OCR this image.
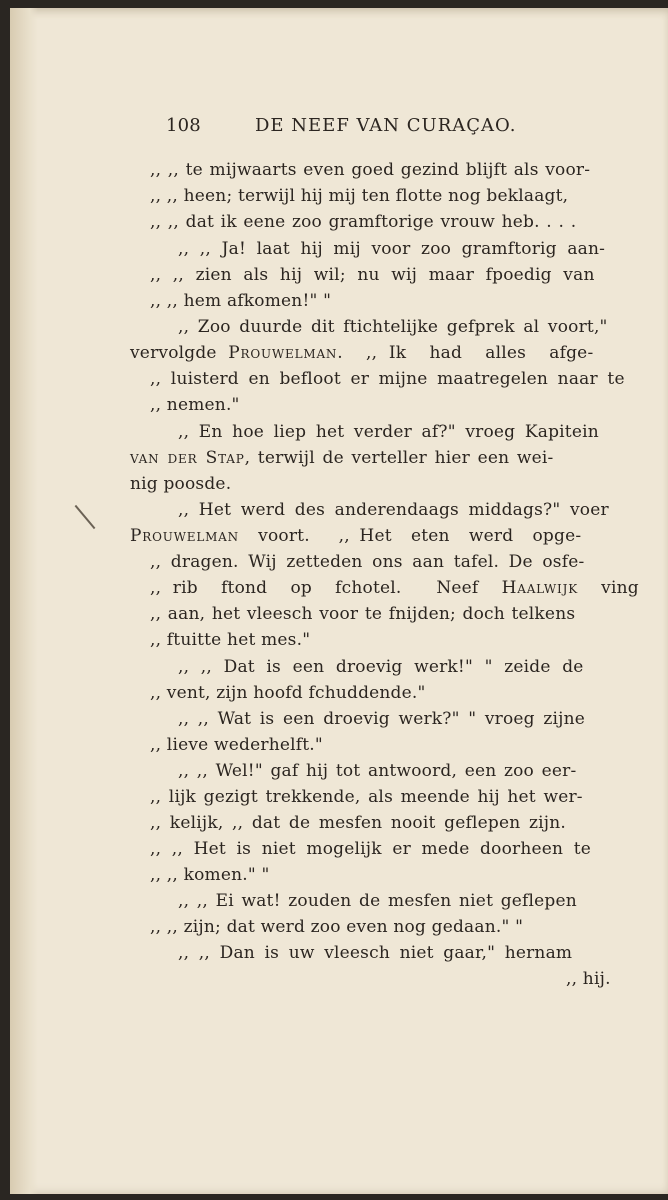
108	DE NEEF VAN CURAÇAO.
,, ,, te mijwaarts even goed gezind blijft als voor-
,, ,, heen; terwijl hij mij ten flotte nog beklaagt,
,, ,, dat ik eene zoo gramftorige vrouw heb. . . .
,, ,, Ja! laat hij mij voor zoo gramftorig aan-
,, ,, zien als hij wil; nu wij maar fpoedig van
,, ,, hem afkomen!" "
,, Zoo duurde dit ftichtelijke gefprek al voort,"
vervolgde Prouwelman.  ,, Ik  had  alles  afge-
,, luisterd en befloot er mijne maatregelen naar te
,, nemen."
,, En hoe liep het verder af?" vroeg Kapitein
van der Stap, terwijl de verteller hier een wei-
nig poosde.
,, Het werd des anderendaags middags?" voer
Prouwelman  voort.   ,, Het  eten  werd  opge-
,, dragen. Wij zetteden ons aan tafel. De osfe-
,, rib  ftond  op  fchotel.   Neef  Haalwijk  ving
,, aan, het vleesch voor te fnijden; doch telkens
,, ftuitte het mes."
,, ,, Dat is een droevig werk!" " zeide de
,, vent, zijn hoofd fchuddende."
,, ,, Wat is een droevig werk?" " vroeg zijne
,, lieve wederhelft."
,, ,, Wel!" gaf hij tot antwoord, een zoo eer-
,, lijk gezigt trekkende, als meende hij het wer-
,, kelijk, ,, dat de mesfen nooit geflepen zijn.
,, ,, Het is niet mogelijk er mede doorheen te
,, ,, komen." "
,, ,, Ei wat! zouden de mesfen niet geflepen
,, ,, zijn; dat werd zoo even nog gedaan." "
,, ,, Dan is uw vleesch niet gaar," hernam
,, hij.
